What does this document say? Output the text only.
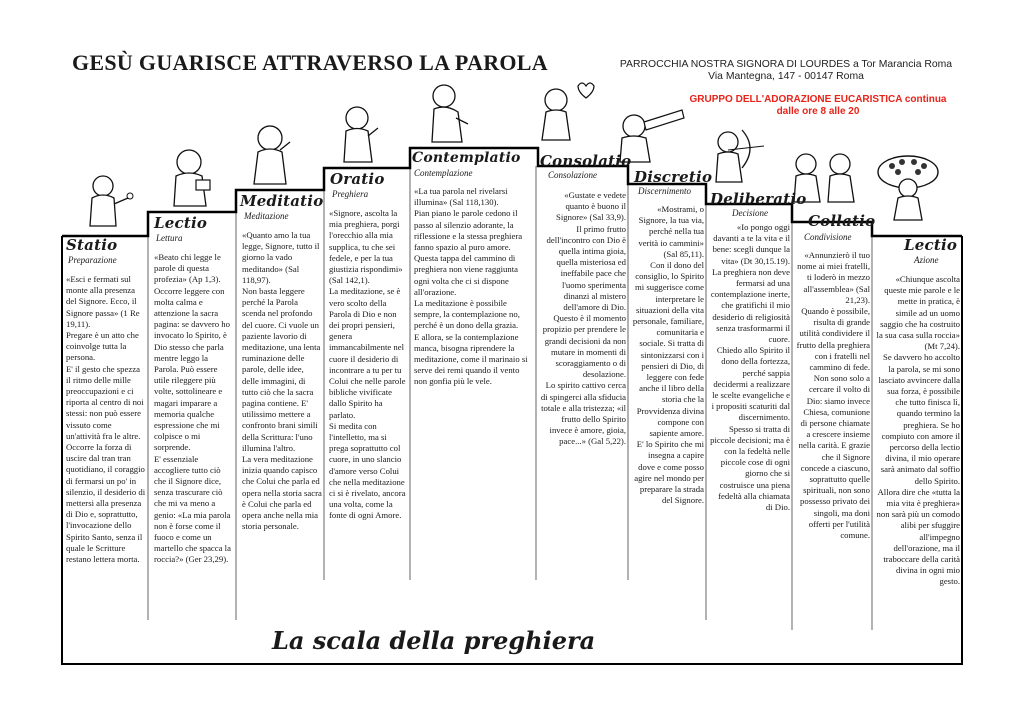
GESÙ GUARISCE ATTRAVERSO LA PAROLA	PARROCCHIA NOSTRA SIGNORA DI LOURDES a Tor Marancia Roma
Via Mantegna, 147 - 00147 Roma
GRUPPO DELL'ADORAZIONE EUCARISTICA continua
dalle ore 8 alle 20
Statio
Preparazione
Lectio
Lettura
Meditatio
Meditazione
Oratio
Preghiera
Contemplatio
Contemplazione
Consolatio
Consolazione Discretio
Discernimento Deliberatio
Decisione	Collatio
Condivisione	Lectio
Azione
«Esci e fermati sul monte alla presenza del Signore. Ecco, il Signore passa» (1 Re 19,11).
Pregare è un atto che coinvolge tutta la persona.
E' il gesto che spezza il ritmo delle mille preoccupazioni e ci riporta al centro di noi stessi: non può essere vissuto come un'attività fra le altre.
Occorre la forza di uscire dal tran tran quotidiano, il coraggio di fermarsi un po' in silenzio, il desiderio di mettersi alla presenza di Dio e, soprattutto, l'invocazione dello Spirito Santo, senza il quale le Scritture restano lettera morta.
«Beato chi legge le parole di questa profezia» (Ap 1,3).
Occorre leggere con molta calma e attenzione la sacra pagina: se davvero ho invocato lo Spirito, è Dio stesso che parla mentre leggo la Parola. Può essere utile rileggere più volte, sottolineare e magari imparare a memoria qualche espressione che mi colpisce o mi sorprende.
E' essenziale accogliere tutto ciò che il Signore dice, senza trascurare ciò che mi va meno a genio: «La mia parola non è forse come il fuoco e come un martello che spacca la roccia?» (Ger 23,29).
«Quanto amo la tua legge, Signore, tutto il giorno la vado meditando» (Sal 118,97).
Non basta leggere perché la Parola scenda nel profondo del cuore. Ci vuole un paziente lavorio di meditazione, una lenta ruminazione delle parole, delle idee, delle immagini, di tutto ciò che la sacra pagina contiene. E' utilissimo mettere a confronto brani simili della Scrittura: l'uno illumina l'altro.
La vera meditazione inizia quando capisco che Colui che parla ed opera nella storia sacra è Colui che parla ed opera anche nella mia storia personale.
«Signore, ascolta la mia preghiera, porgi l'orecchio alla mia supplica, tu che sei fedele, e per la tua giustizia rispondimi» (Sal 142,1).
La meditazione, se è vero scolto della Parola di Dio e non dei propri pensieri, genera immancabilmente nel cuore il desiderio di incontrare a tu per tu Colui che nelle parole bibliche vivificate dallo Spirito ha parlato.
Si medita con l'intelletto, ma si prega soprattutto col cuore, in uno slancio d'amore verso Colui che nella meditazione ci si è rivelato, ancora una volta, come la fonte di ogni Amore.
«La tua parola nel rivelarsi illumina» (Sal 118,130).
Pian piano le parole cedono il passo al silenzio adorante, la riflessione e la stessa preghiera fanno spazio al puro amore. Questa tappa del cammino di preghiera non viene raggiunta ogni volta che ci si dispone all'orazione.
La meditazione è possibile sempre, la contemplazione no, perché è un dono della grazia.
E allora, se la contemplazione manca, bisogna riprendere la meditazione, come il marinaio si serve dei remi quando il vento non gonfia più le vele.
«Gustate e vedete quanto è buono il Signore» (Sal 33,9).
Il primo frutto dell'incontro con Dio è quella intima gioia, quella misteriosa ed ineffabile pace che l'uomo sperimenta dinanzi al mistero dell'amore di Dio. Questo è il momento propizio per prendere le grandi decisioni da non mutare in momenti di scoraggiamento o di desolazione.
Lo spirito cattivo cerca di spingerci alla sfiducia totale e alla tristezza; «il frutto dello Spirito invece è amore, gioia, pace...» (Gal 5,22).
«Mostrami, o Signore, la tua via, perché nella tua verità io cammini» (Sal 85,11).
Con il dono del consiglio, lo Spirito mi suggerisce come interpretare le situazioni della vita personale, familiare, comunitaria e sociale. Si tratta di sintonizzarsi con i pensieri di Dio, di leggere con fede anche il libro della storia che la Provvidenza divina compone con sapiente amore.
E' lo Spirito che mi insegna a capire dove e come posso agire nel mondo per preparare la strada del Signore.
«Io pongo oggi davanti a te la vita e il bene: scegli dunque la vita» (Dt 30,15.19).
La preghiera non deve fermarsi ad una contemplazione inerte, che gratifichi il mio desiderio di religiosità senza trasformarmi il cuore.
Chiedo allo Spirito il dono della fortezza, perché sappia decidermi a realizzare le scelte evangeliche e i propositi scaturiti dal discernimento.
Spesso si tratta di piccole decisioni; ma è con la fedeltà nelle piccole cose di ogni giorno che si costruisce una piena fedeltà alla chiamata di Dio.
«Annunzierò il tuo nome ai miei fratelli, ti loderò in mezzo all'assemblea» (Sal 21,23).
Quando è possibile, risulta di grande utilità condividere il frutto della preghiera con i fratelli nel cammino di fede.
Non sono solo a cercare il volto di Dio: siamo invece Chiesa, comunione di persone chiamate a crescere insieme nella carità. E grazie che il Signore concede a ciascuno, soprattutto quelle spirituali, non sono possesso privato dei singoli, ma doni offerti per l'utilità comune.
«Chiunque ascolta queste mie parole e le mette in pratica, è simile ad un uomo saggio che ha costruito la sua casa sulla roccia» (Mt 7,24).
Se davvero ho accolto la parola, se mi sono lasciato avvincere dalla sua forza, è possibile che tutto finisca lì, quando termino la preghiera. Se ho compiuto con amore il percorso della lectio divina, il mio operare sarà animato dal soffio dello Spirito.
Allora dire che «tutta la mia vita è preghiera» non sarà più un comodo alibi per sfuggire all'impegno dell'orazione, ma il traboccare della carità divina in ogni mio gesto.
La scala della preghiera
